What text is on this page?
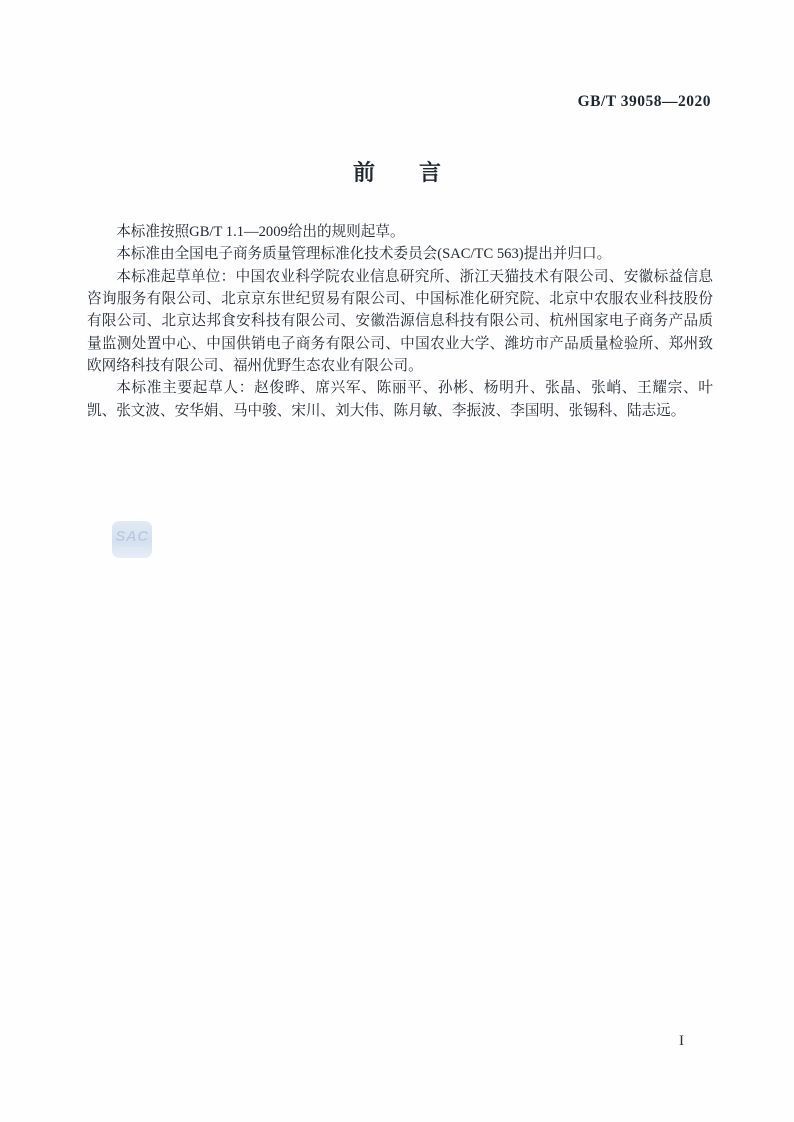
GB/T 39058—2020
前　　言

本标准按照GB/T 1.1—2009给出的规则起草。

本标准由全国电子商务质量管理标准化技术委员会(SAC/TC 563)提出并归口。

本标准起草单位：中国农业科学院农业信息研究所、浙江天猫技术有限公司、安徽标益信息咨询服务有限公司、北京京东世纪贸易有限公司、中国标准化研究院、北京中农服农业科技股份有限公司、北京达邦食安科技有限公司、安徽浩源信息科技有限公司、杭州国家电子商务产品质量监测处置中心、中国供销电子商务有限公司、中国农业大学、潍坊市产品质量检验所、郑州致欧网络科技有限公司、福州优野生态农业有限公司。

本标准主要起草人：赵俊晔、席兴军、陈丽平、孙彬、杨明升、张晶、张峭、王耀宗、叶凯、张文波、安华娟、马中骏、宋川、刘大伟、陈月敏、李振波、李国明、张锡科、陆志远。

SAC
I
